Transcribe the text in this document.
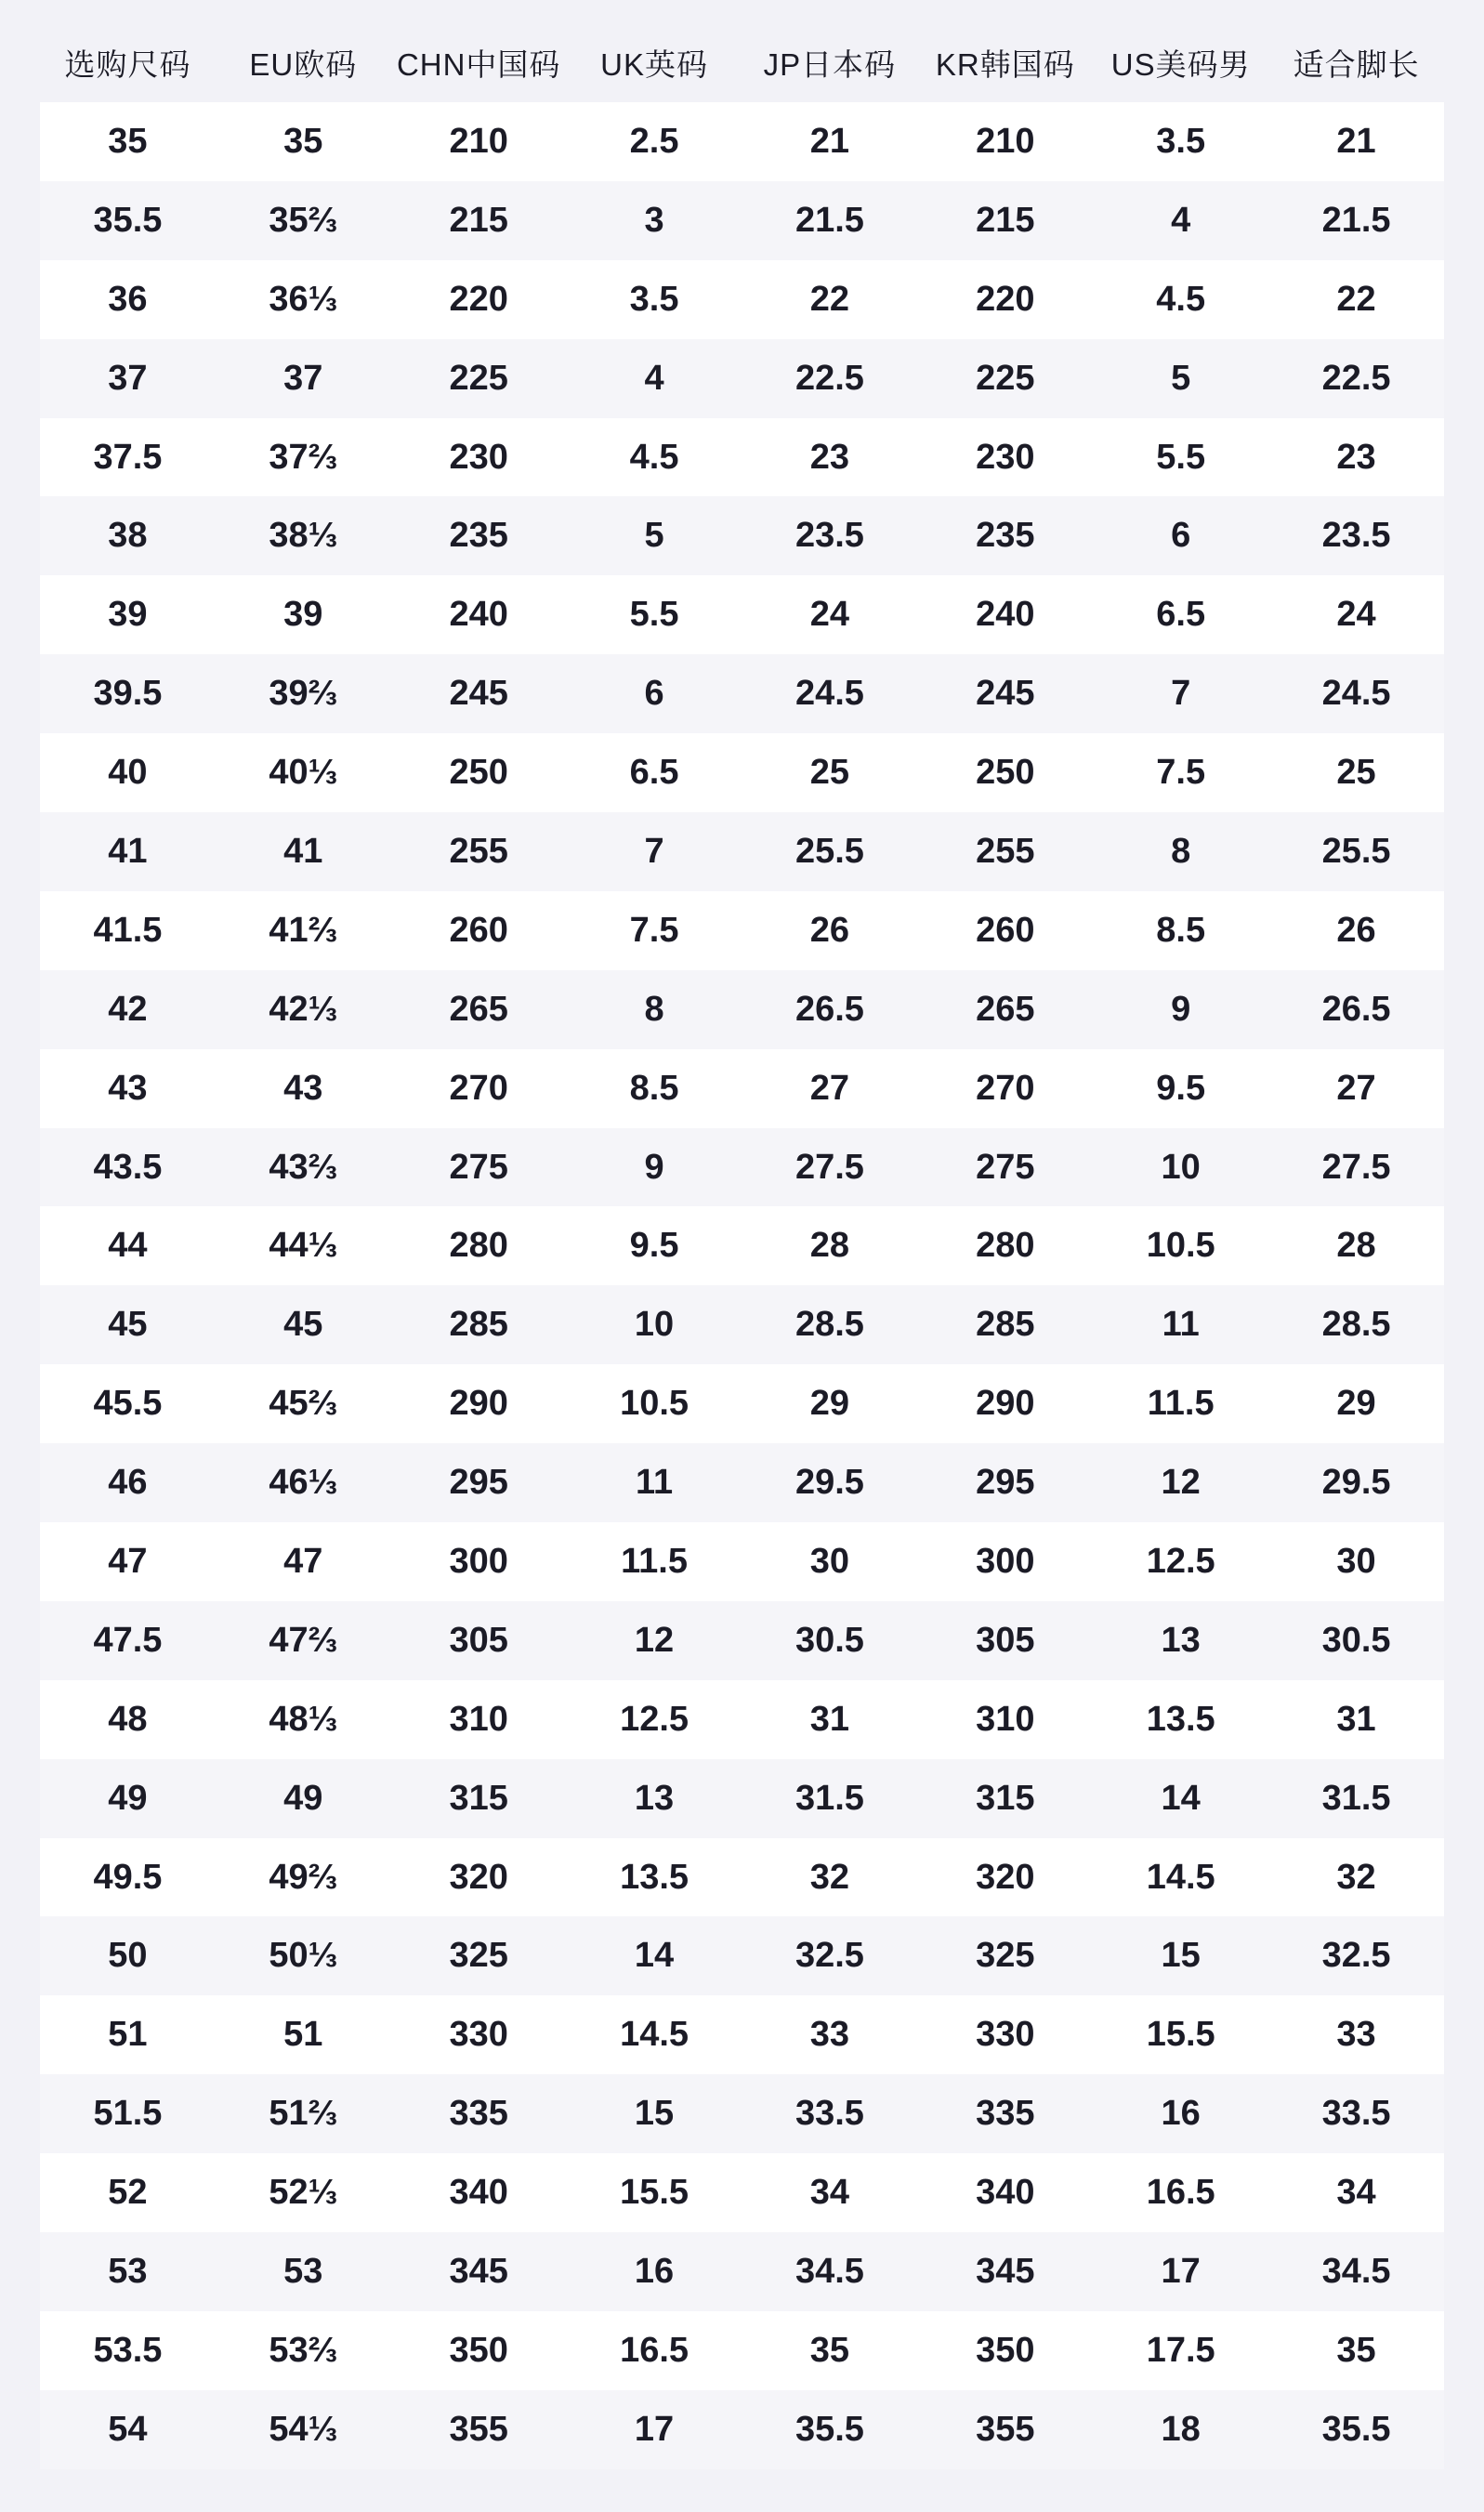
选购尺码	EU欧码	CHN中国码	UK英码	JP日本码	KR韩国码	US美码男	适合脚长
35	35	210	2.5	21	210	3.5	21
35.5	35⅔	215	3	21.5	215	4	21.5
36	36⅓	220	3.5	22	220	4.5	22
37	37	225	4	22.5	225	5	22.5
37.5	37⅔	230	4.5	23	230	5.5	23
38	38⅓	235	5	23.5	235	6	23.5
39	39	240	5.5	24	240	6.5	24
39.5	39⅔	245	6	24.5	245	7	24.5
40	40⅓	250	6.5	25	250	7.5	25
41	41	255	7	25.5	255	8	25.5
41.5	41⅔	260	7.5	26	260	8.5	26
42	42⅓	265	8	26.5	265	9	26.5
43	43	270	8.5	27	270	9.5	27
43.5	43⅔	275	9	27.5	275	10	27.5
44	44⅓	280	9.5	28	280	10.5	28
45	45	285	10	28.5	285	11	28.5
45.5	45⅔	290	10.5	29	290	11.5	29
46	46⅓	295	11	29.5	295	12	29.5
47	47	300	11.5	30	300	12.5	30
47.5	47⅔	305	12	30.5	305	13	30.5
48	48⅓	310	12.5	31	310	13.5	31
49	49	315	13	31.5	315	14	31.5
49.5	49⅔	320	13.5	32	320	14.5	32
50	50⅓	325	14	32.5	325	15	32.5
51	51	330	14.5	33	330	15.5	33
51.5	51⅔	335	15	33.5	335	16	33.5
52	52⅓	340	15.5	34	340	16.5	34
53	53	345	16	34.5	345	17	34.5
53.5	53⅔	350	16.5	35	350	17.5	35
54	54⅓	355	17	35.5	355	18	35.5
